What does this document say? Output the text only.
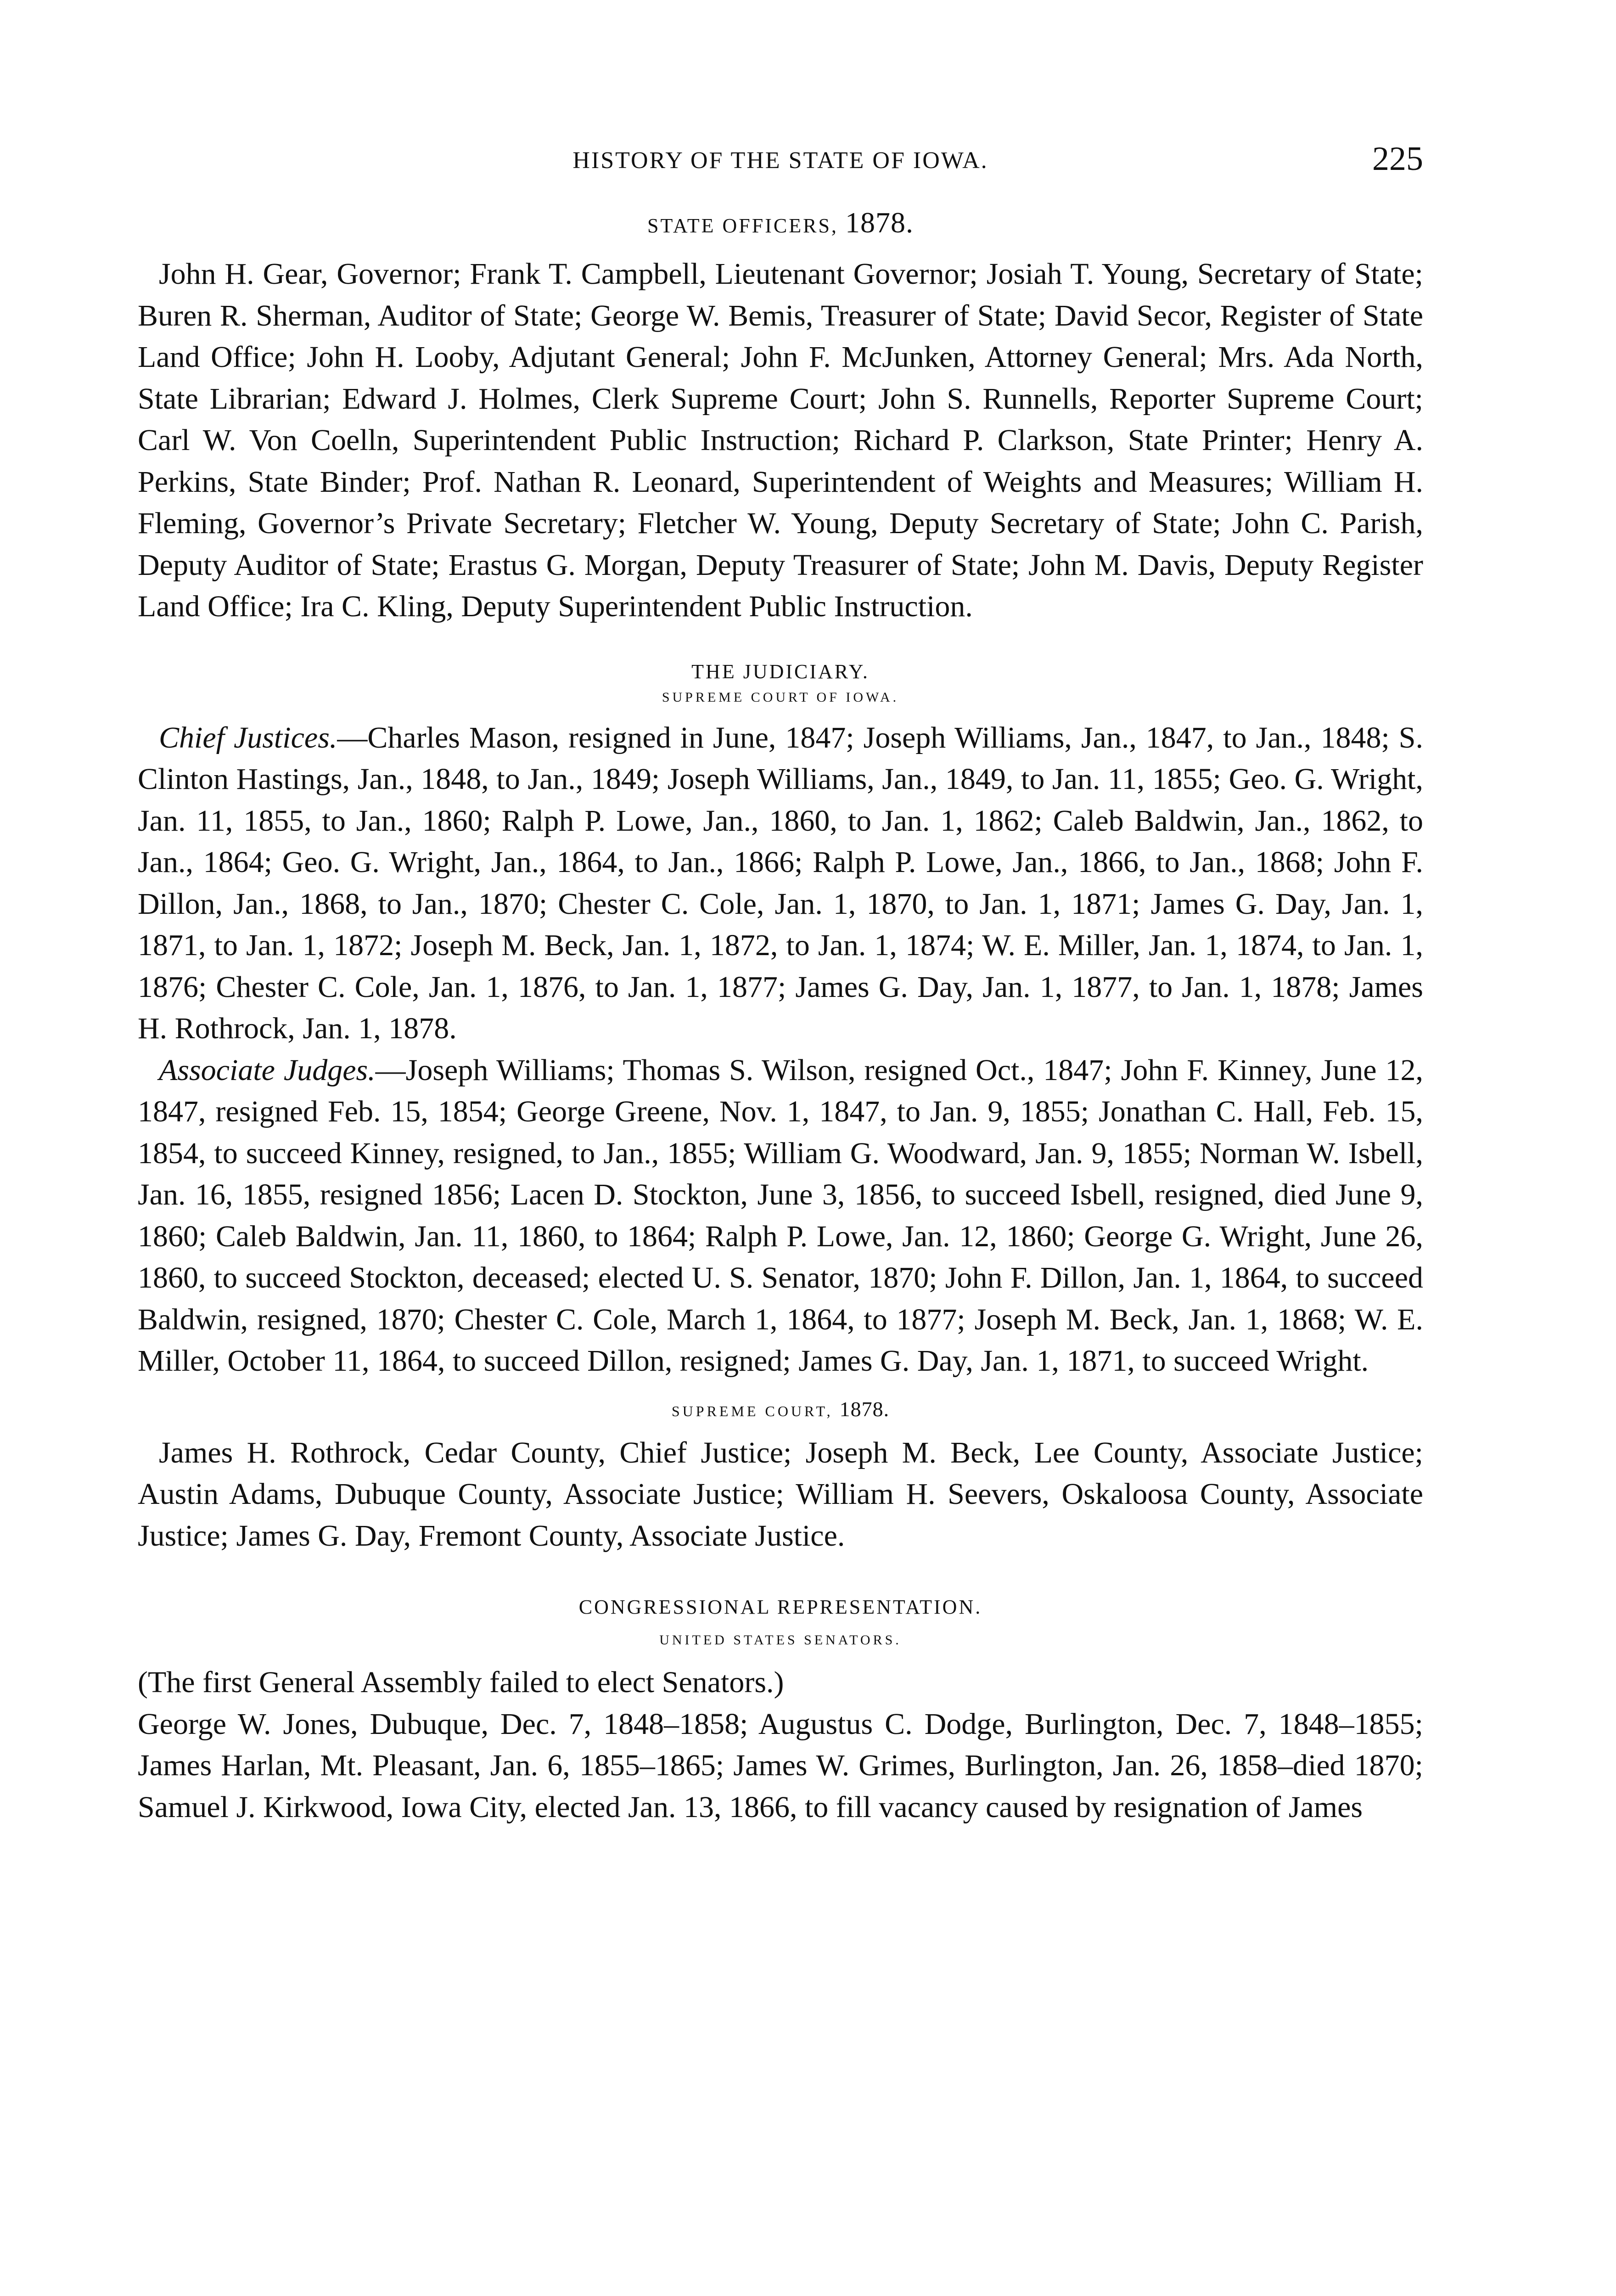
HISTORY OF THE STATE OF IOWA.	225
STATE OFFICERS, 1878.

John H. Gear, Governor; Frank T. Campbell, Lieutenant Governor; Josiah T. Young, Secretary of State; Buren R. Sherman, Auditor of State; George W. Bemis, Treasurer of State; David Secor, Register of State Land Office; John H. Looby, Adjutant General; John F. McJunken, Attorney General; Mrs. Ada North, State Librarian; Edward J. Holmes, Clerk Supreme Court; John S. Runnells, Reporter Supreme Court; Carl W. Von Coelln, Superintendent Public Instruction; Richard P. Clarkson, State Printer; Henry A. Perkins, State Binder; Prof. Nathan R. Leonard, Superintendent of Weights and Measures; William H. Fleming, Governor’s Private Secretary; Fletcher W. Young, Deputy Secretary of State; John C. Parish, Deputy Auditor of State; Erastus G. Morgan, Deputy Treasurer of State; John M. Davis, Deputy Register Land Office; Ira C. Kling, Deputy Superintendent Public Instruction.

THE JUDICIARY.
SUPREME COURT OF IOWA.

Chief Justices.—Charles Mason, resigned in June, 1847; Joseph Williams, Jan., 1847, to Jan., 1848; S. Clinton Hastings, Jan., 1848, to Jan., 1849; Joseph Williams, Jan., 1849, to Jan. 11, 1855; Geo. G. Wright, Jan. 11, 1855, to Jan., 1860; Ralph P. Lowe, Jan., 1860, to Jan. 1, 1862; Caleb Baldwin, Jan., 1862, to Jan., 1864; Geo. G. Wright, Jan., 1864, to Jan., 1866; Ralph P. Lowe, Jan., 1866, to Jan., 1868; John F. Dillon, Jan., 1868, to Jan., 1870; Chester C. Cole, Jan. 1, 1870, to Jan. 1, 1871; James G. Day, Jan. 1, 1871, to Jan. 1, 1872; Joseph M. Beck, Jan. 1, 1872, to Jan. 1, 1874; W. E. Miller, Jan. 1, 1874, to Jan. 1, 1876; Chester C. Cole, Jan. 1, 1876, to Jan. 1, 1877; James G. Day, Jan. 1, 1877, to Jan. 1, 1878; James H. Rothrock, Jan. 1, 1878.

Associate Judges.—Joseph Williams; Thomas S. Wilson, resigned Oct., 1847; John F. Kinney, June 12, 1847, resigned Feb. 15, 1854; George Greene, Nov. 1, 1847, to Jan. 9, 1855; Jonathan C. Hall, Feb. 15, 1854, to succeed Kinney, resigned, to Jan., 1855; William G. Woodward, Jan. 9, 1855; Norman W. Isbell, Jan. 16, 1855, resigned 1856; Lacen D. Stockton, June 3, 1856, to succeed Isbell, resigned, died June 9, 1860; Caleb Baldwin, Jan. 11, 1860, to 1864; Ralph P. Lowe, Jan. 12, 1860; George G. Wright, June 26, 1860, to succeed Stockton, deceased; elected U. S. Senator, 1870; John F. Dillon, Jan. 1, 1864, to succeed Baldwin, resigned, 1870; Chester C. Cole, March 1, 1864, to 1877; Joseph M. Beck, Jan. 1, 1868; W. E. Miller, October 11, 1864, to succeed Dillon, resigned; James G. Day, Jan. 1, 1871, to succeed Wright.

SUPREME COURT, 1878.

James H. Rothrock, Cedar County, Chief Justice; Joseph M. Beck, Lee County, Associate Justice; Austin Adams, Dubuque County, Associate Justice; William H. Seevers, Oskaloosa County, Associate Justice; James G. Day, Fremont County, Associate Justice.

CONGRESSIONAL REPRESENTATION.
UNITED STATES SENATORS.

(The first General Assembly failed to elect Senators.)

George W. Jones, Dubuque, Dec. 7, 1848–1858; Augustus C. Dodge, Burlington, Dec. 7, 1848–1855; James Harlan, Mt. Pleasant, Jan. 6, 1855–1865; James W. Grimes, Burlington, Jan. 26, 1858–died 1870; Samuel J. Kirkwood, Iowa City, elected Jan. 13, 1866, to fill vacancy caused by resignation of James
